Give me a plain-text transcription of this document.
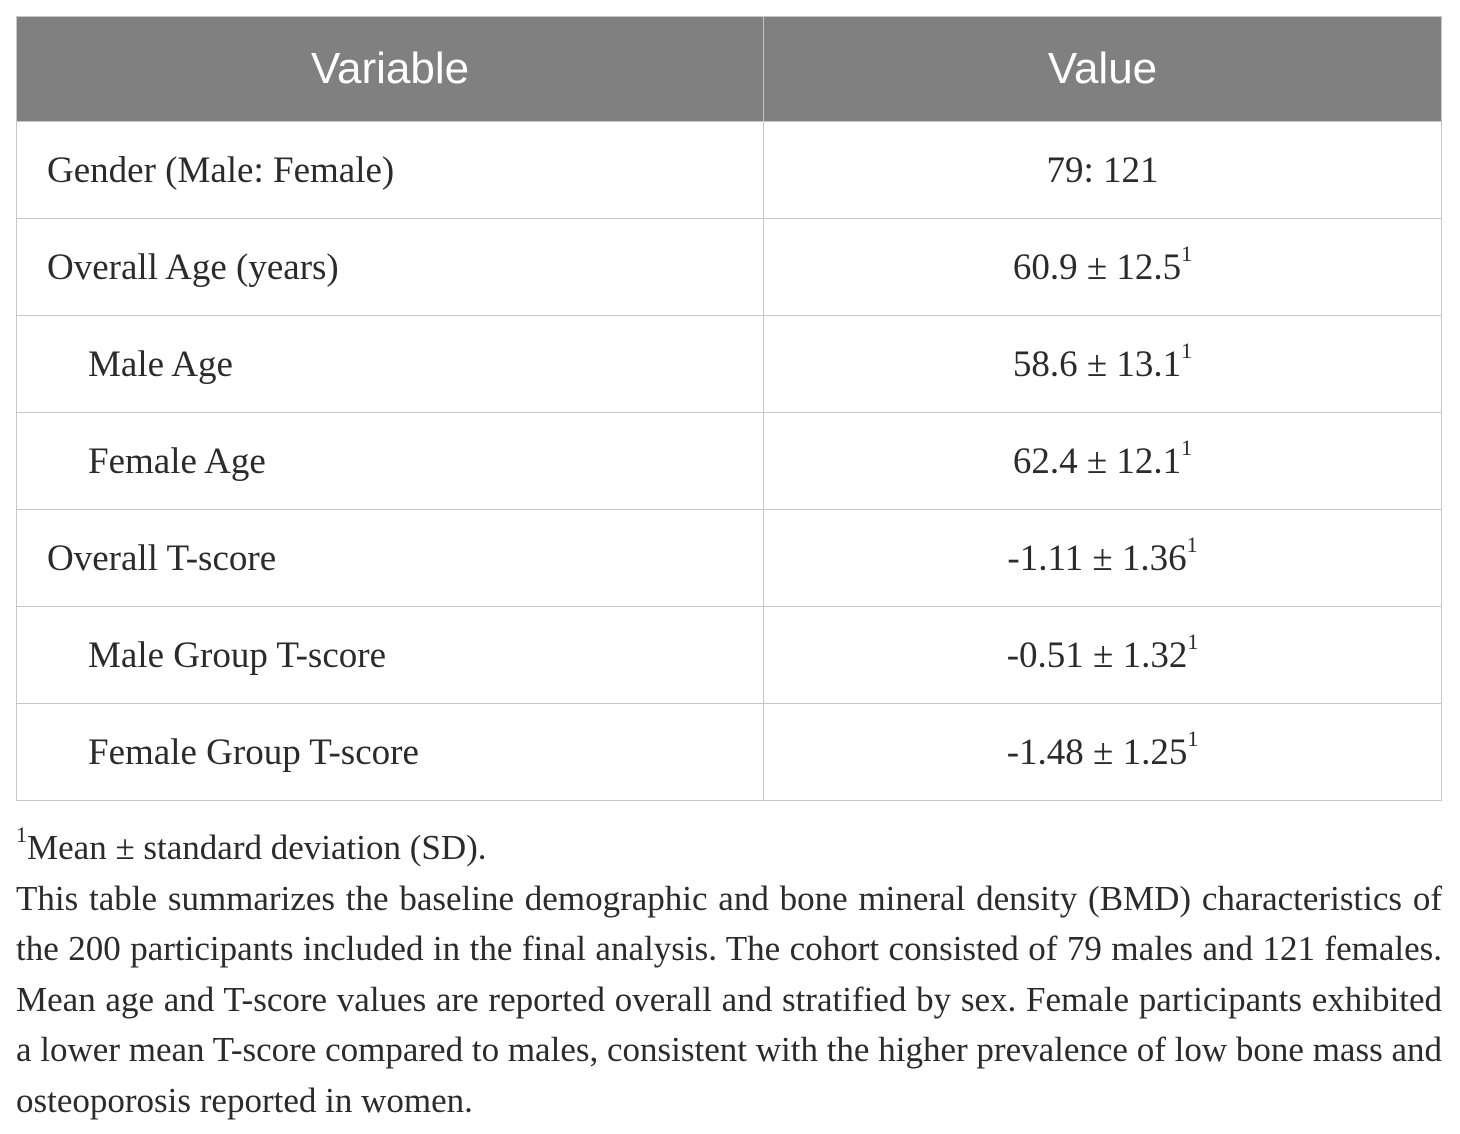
Variable	Value
Gender (Male: Female)	79: 121
Overall Age (years)	$60.9 \pm 12.5^1$
Male Age	$58.6 \pm 13.1^1$
Female Age	$62.4 \pm 12.1^1$
Overall T-score	$-1.11 \pm 1.36^1$
Male Group T-score	$-0.51 \pm 1.32^1$
Female Group T-score	$-1.48 \pm 1.25^1$

$^1$Mean ± standard deviation (SD).

This table summarizes the baseline demographic and bone mineral density (BMD) characteristics of the 200 participants included in the final analysis. The cohort consisted of 79 males and 121 females. Mean age and T-score values are reported overall and stratified by sex. Female participants exhibited a lower mean T-score compared to males, consistent with the higher prevalence of low bone mass and osteoporosis reported in women.
